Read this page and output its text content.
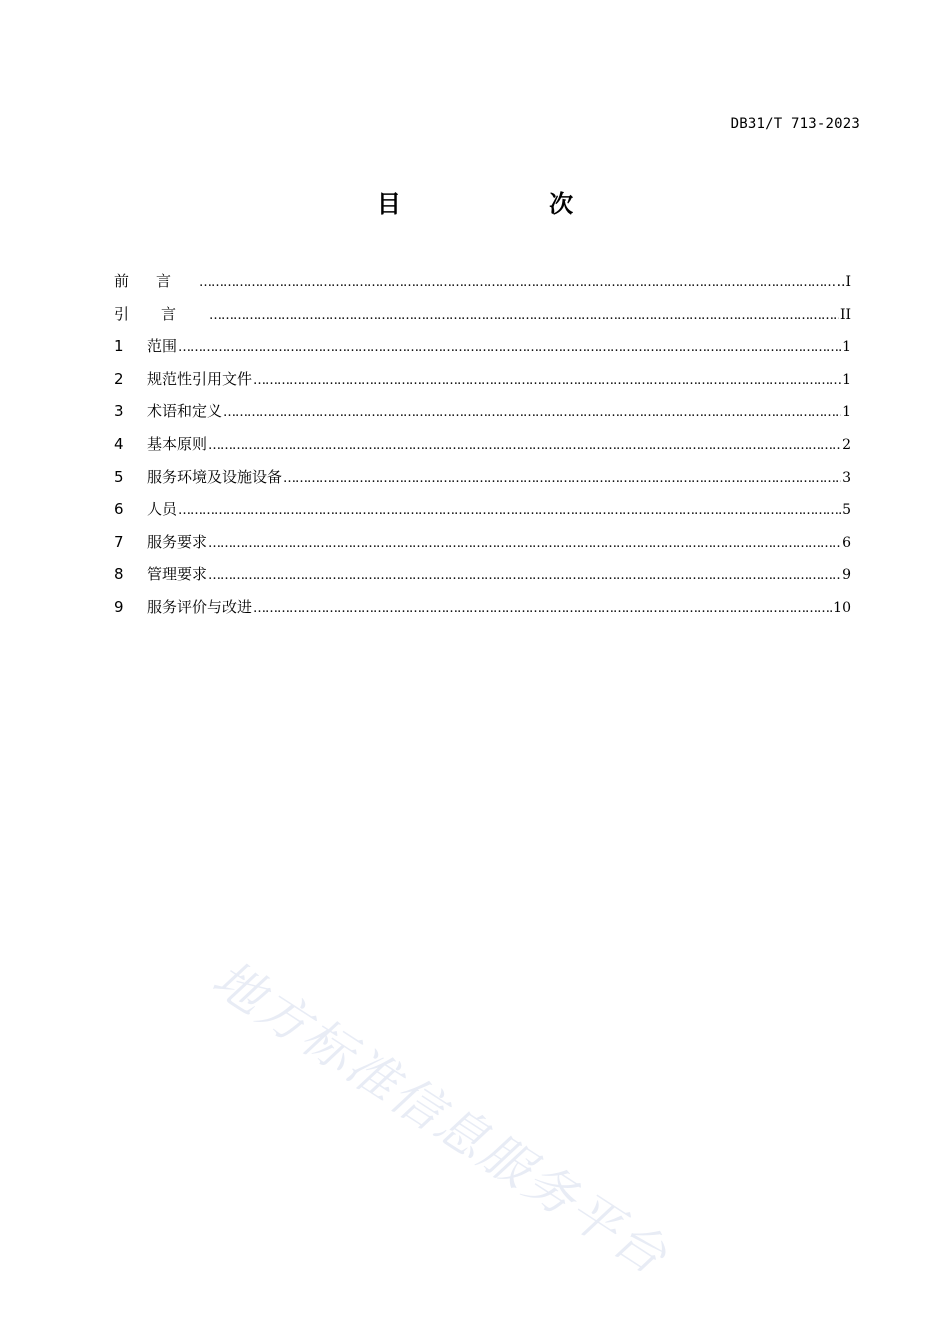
DB31/T 713-2023
目 次
前言 ……………………………………………………………………………………………………………………………………………………………………………………………………………………………………………	..I
引言 ……………………………………………………………………………………………………………………………………………………………………………………………………………………………………………	II
1	范围 ……………………………………………………………………………………………………………………………………………………………………………………………………………………………………………	1
2	规范性引用文件 ……………………………………………………………………………………………………………………………………………………………………………………………………………………………………………	1
3	术语和定义 ……………………………………………………………………………………………………………………………………………………………………………………………………………………………………………	1
4	基本原则 ……………………………………………………………………………………………………………………………………………………………………………………………………………………………………………	2
5	服务环境及设施设备 ……………………………………………………………………………………………………………………………………………………………………………………………………………………………………………	3
6	人员 ……………………………………………………………………………………………………………………………………………………………………………………………………………………………………………	5
7	服务要求 ……………………………………………………………………………………………………………………………………………………………………………………………………………………………………………	6
8	管理要求 ……………………………………………………………………………………………………………………………………………………………………………………………………………………………………………	9
9	服务评价与改进 ……………………………………………………………………………………………………………………………………………………………………………………………………………………………………………	10
地方标准信息服务平台
